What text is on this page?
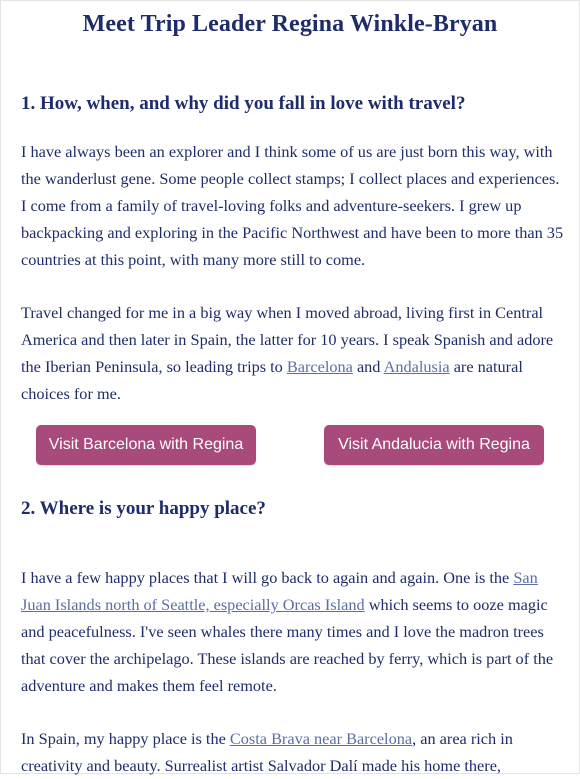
Meet Trip Leader Regina Winkle-Bryan
1. How, when, and why did you fall in love with travel?

I have always been an explorer and I think some of us are just born this way, with the wanderlust gene. Some people collect stamps; I collect places and experiences. I come from a family of travel-loving folks and adventure-seekers. I grew up backpacking and exploring in the Pacific Northwest and have been to more than 35 countries at this point, with many more still to come.

Travel changed for me in a big way when I moved abroad, living first in Central America and then later in Spain, the latter for 10 years. I speak Spanish and adore the Iberian Peninsula, so leading trips to Barcelona and Andalusia are natural choices for me.

Visit Barcelona with Regina	Visit Andalucia with Regina
2. Where is your happy place?

I have a few happy places that I will go back to again and again. One is the San Juan Islands north of Seattle, especially Orcas Island which seems to ooze magic and peacefulness. I've seen whales there many times and I love the madron trees that cover the archipelago. These islands are reached by ferry, which is part of the adventure and makes them feel remote.

In Spain, my happy place is the Costa Brava near Barcelona, an area rich in creativity and beauty. Surrealist artist Salvador Dalí made his home there,
